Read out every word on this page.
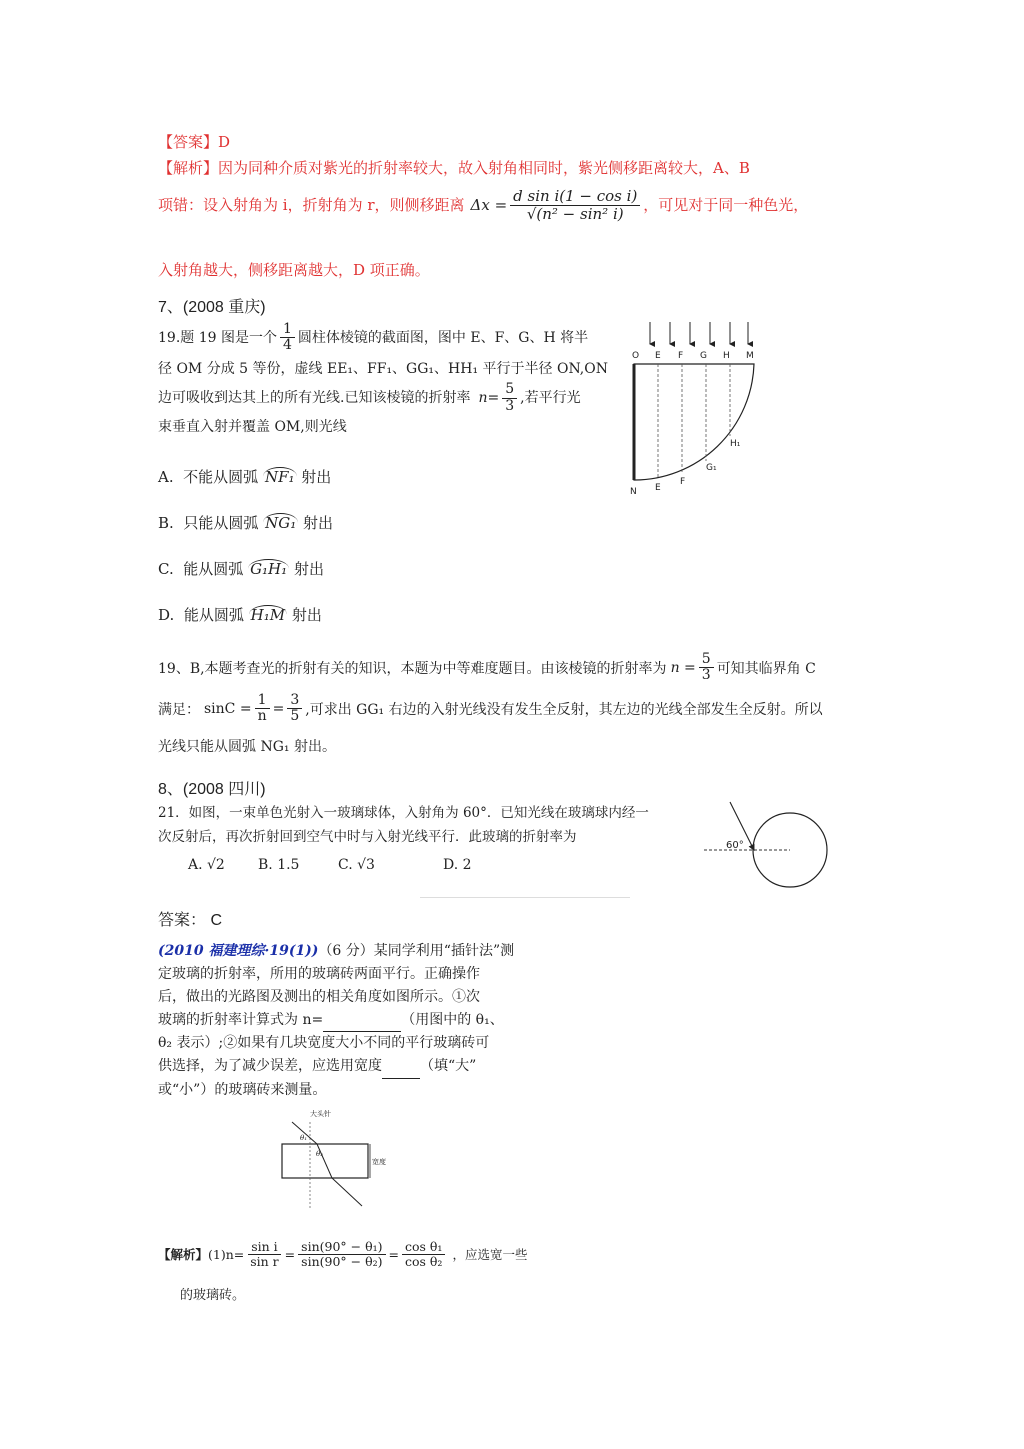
【答案】D
【解析】因为同种介质对紫光的折射率较大，故入射角相同时，紫光侧移距离较大，A、B
项错：设入射角为 i，折射角为 r，则侧移距离 $\Delta x = \frac{\text{d sin i(1 − cos i)}}{\text{√(n² − sin² i)}}$ ，可见对于同一种色光，
入射角越大，侧移距离越大，D 项正确。
7、(2008 重庆)
19.题 19 图是一个 $\frac{1}{4}$ 圆柱体棱镜的截面图，图中 E、F、G、H 将半
径 OM 分成 5 等份，虚线 EE₁、FF₁、GG₁、HH₁ 平行于半径 ON,ON
边可吸收到达其上的所有光线.已知该棱镜的折射率 $n= \frac{5}{3}$ ,若平行光
束垂直入射并覆盖 OM,则光线
A. 不能从圆弧 NF₁ 射出
B. 只能从圆弧 NG₁ 射出
C. 能从圆弧 G₁H₁ 射出
D. 能从圆弧 H₁M 射出
O E F G H M
N E
F
G₁
H₁
19、B,本题考查光的折射有关的知识，本题为中等难度题目。由该棱镜的折射率为 $n = \frac{5}{3}$ 可知其临界角 C
满足： $\sin C = \frac{1}{n} = \frac{3}{5}$ ,可求出 GG₁ 右边的入射光线没有发生全反射，其左边的光线全部发生全反射。所以
光线只能从圆弧 NG₁ 射出。
8、(2008 四川)
21．如图，一束单色光射入一玻璃球体，入射角为 60°．已知光线在玻璃球内经一
次反射后，再次折射回到空气中时与入射光线平行．此玻璃的折射率为
A. √2	B. 1.5	C. √3	D. 2
60°
答案： C
(2010 福建理综·19(1))（6 分）某同学利用“插针法”测
定玻璃的折射率，所用的玻璃砖两面平行。正确操作
后，做出的光路图及测出的相关角度如图所示。①次
玻璃的折射率计算式为 n=	（用图中的 θ₁、
θ₂ 表示）;②如果有几块宽度大小不同的平行玻璃砖可
供选择，为了减少误差，应选用宽度	（填“大”
或“小”）的玻璃砖来测量。
大头针
θ₁
θ₂
宽度
【解析】 $(1)n= \frac{\text{sin i}}{\text{sin r}} = \frac{\text{sin(90° − θ₁)}}{\text{sin(90° − θ₂)}} = \frac{\text{cos θ₁}}{\text{cos θ₂}}$ ，应选宽一些
的玻璃砖。
